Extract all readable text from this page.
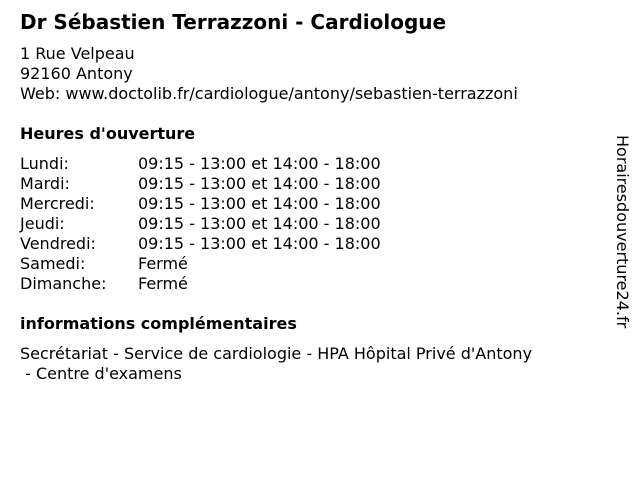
Dr Sébastien Terrazzoni - Cardiologue
1 Rue Velpeau
92160 Antony
Web: www.doctolib.fr/cardiologue/antony/sebastien-terrazzoni
Heures d'ouverture
Lundi:	09:15 - 13:00 et 14:00 - 18:00
Mardi:	09:15 - 13:00 et 14:00 - 18:00
Mercredi:	09:15 - 13:00 et 14:00 - 18:00
Jeudi:	09:15 - 13:00 et 14:00 - 18:00
Vendredi:	09:15 - 13:00 et 14:00 - 18:00
Samedi:	Fermé
Dimanche: Fermé
informations complémentaires
Secrétariat - Service de cardiologie - HPA Hôpital Privé d'Antony
- Centre d'examens
Horairesdouverture24.fr
